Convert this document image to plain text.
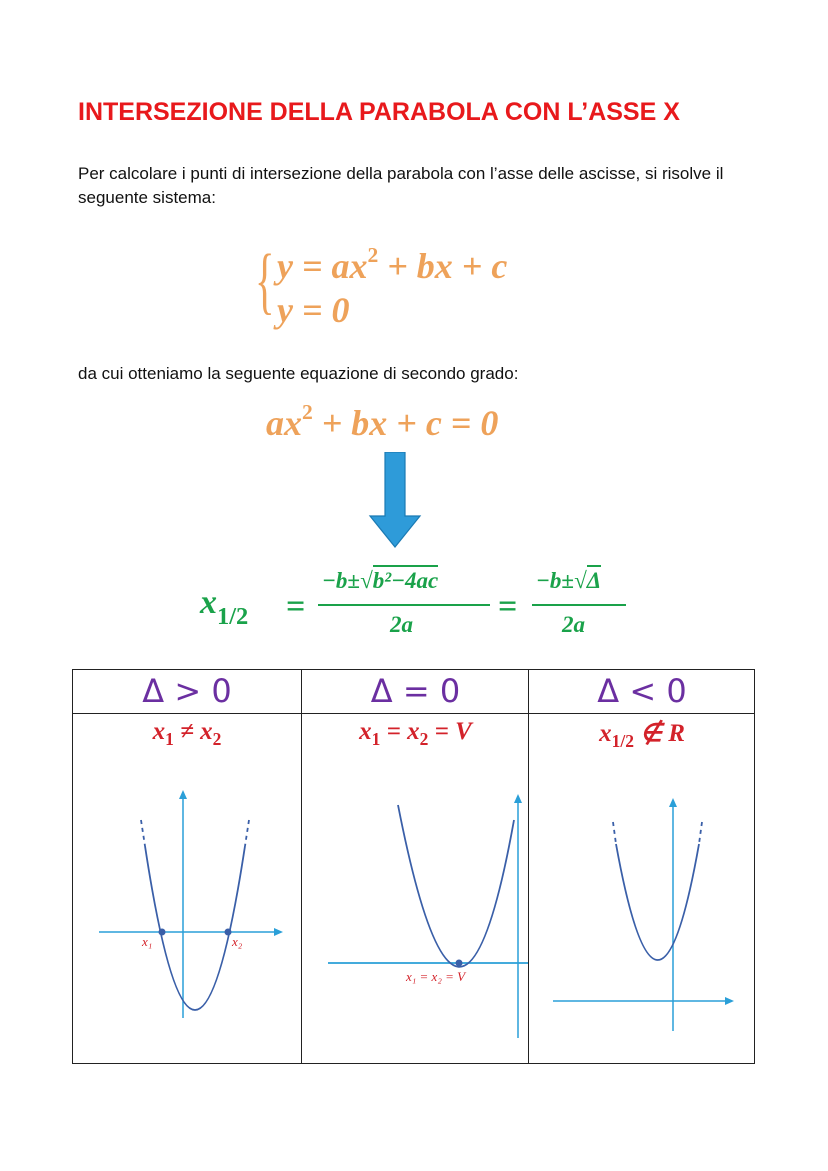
INTERSEZIONE DELLA PARABOLA CON L’ASSE X
Per calcolare i punti di intersezione della parabola con l’asse delle ascisse, si risolve il seguente sistema:
{ $y = ax^2$ + bx + c
y = 0
da cui otteniamo la seguente equazione di secondo grado:
$ax^2$ + bx + c = 0
$x_{1/2}$ =
−b±√b²−4ac
2a	=
−b±√Δ
2a
Δ > 0
$x_1 \ne x_2$
x₁	x₂
Δ = 0
$x_1 = x_2 = V$
x₁ = x₂ = V
Δ < 0
$x_{1/2}$ ∉ R
